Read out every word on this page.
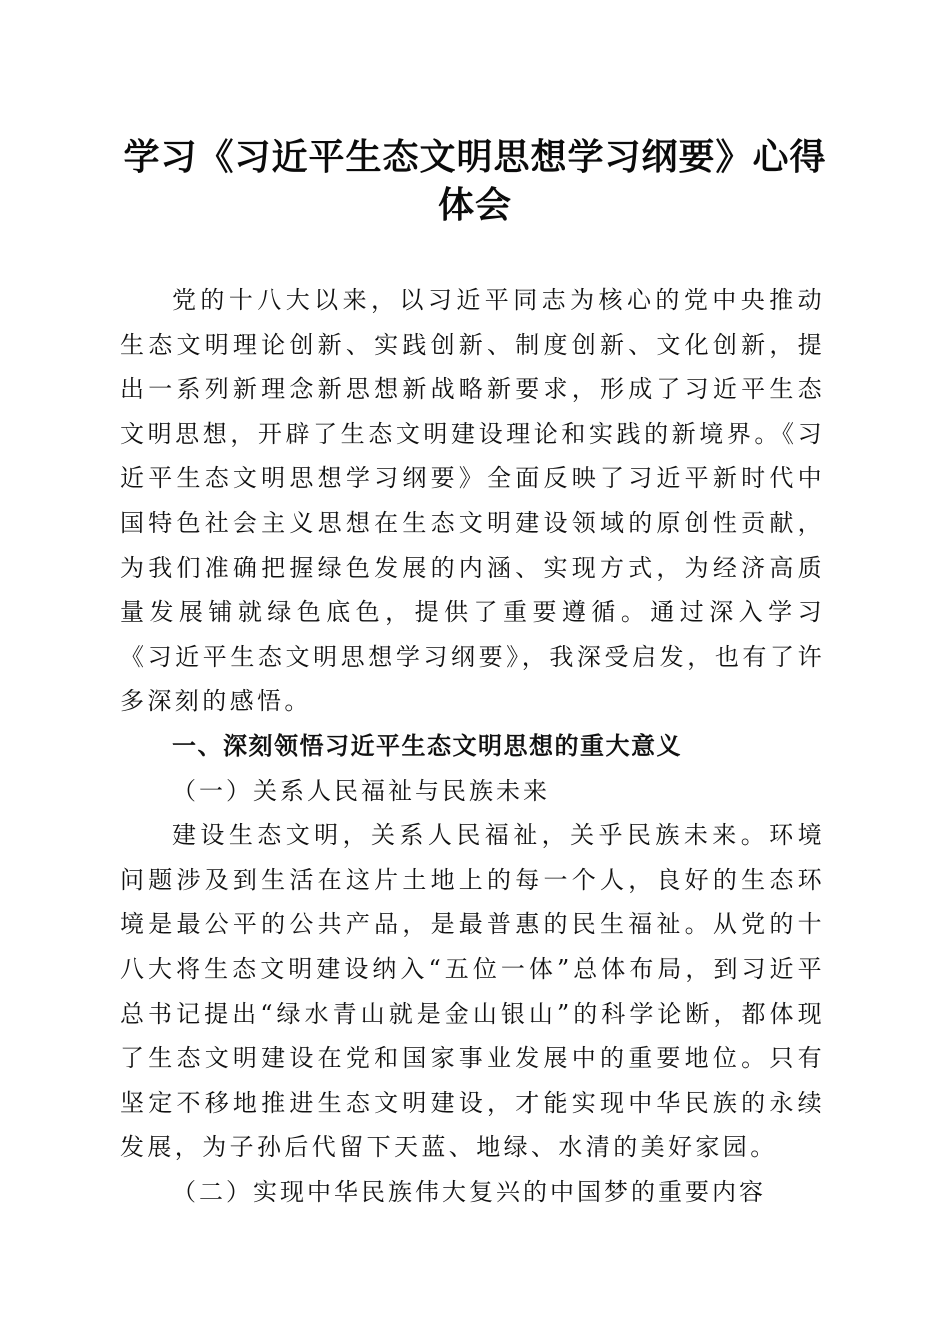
学习《习近平生态文明思想学习纲要》心得体会

党的十八大以来，以习近平同志为核心的党中央推动生态文明理论创新、实践创新、制度创新、文化创新，提出一系列新理念新思想新战略新要求，形成了习近平生态文明思想，开辟了生态文明建设理论和实践的新境界。《习近平生态文明思想学习纲要》全面反映了习近平新时代中国特色社会主义思想在生态文明建设领域的原创性贡献，为我们准确把握绿色发展的内涵、实现方式，为经济高质量发展铺就绿色底色，提供了重要遵循。通过深入学习《习近平生态文明思想学习纲要》，我深受启发，也有了许多深刻的感悟。

一、深刻领悟习近平生态文明思想的重大意义

（一）关系人民福祉与民族未来

建设生态文明，关系人民福祉，关乎民族未来。环境问题涉及到生活在这片土地上的每一个人，良好的生态环境是最公平的公共产品，是最普惠的民生福祉。从党的十八大将生态文明建设纳入“五位一体”总体布局，到习近平总书记提出“绿水青山就是金山银山”的科学论断，都体现了生态文明建设在党和国家事业发展中的重要地位。只有坚定不移地推进生态文明建设，才能实现中华民族的永续发展，为子孙后代留下天蓝、地绿、水清的美好家园。

（二）实现中华民族伟大复兴的中国梦的重要内容
